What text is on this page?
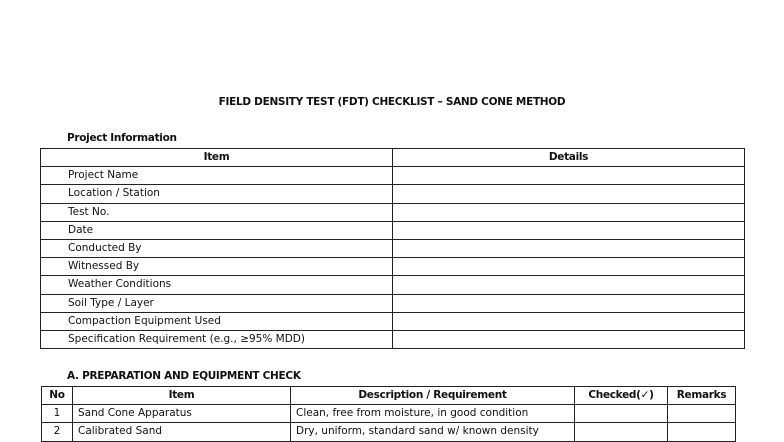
FIELD DENSITY TEST (FDT) CHECKLIST – SAND CONE METHOD
Project Information
Item	Details
Project Name	
Location / Station	
Test No.	
Date	
Conducted By	
Witnessed By	
Weather Conditions	
Soil Type / Layer	
Compaction Equipment Used	
Specification Requirement (e.g., ≥95% MDD)	
A. PREPARATION AND EQUIPMENT CHECK
No	Item	Description / Requirement	Checked(✓)	Remarks
1	Sand Cone Apparatus	Clean, free from moisture, in good condition		
2	Calibrated Sand	Dry, uniform, standard sand w/ known density		
